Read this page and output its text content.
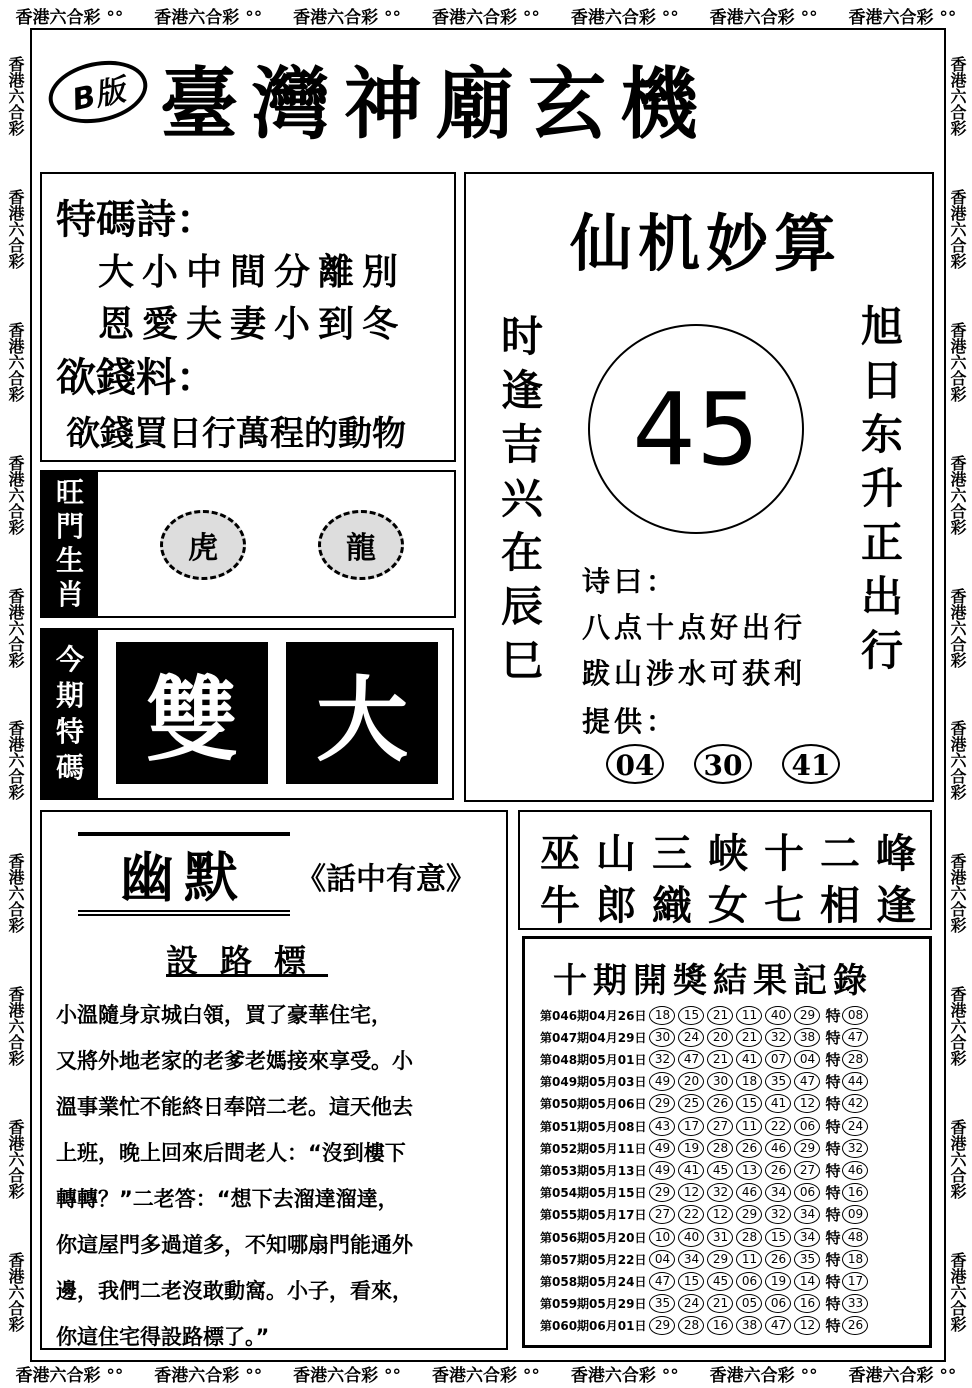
香港六合彩 °° 香港六合彩 °° 香港六合彩 °° 香港六合彩 °° 香港六合彩 °° 香港六合彩 °° 香港六合彩 °°
香港六合彩 °° 香港六合彩 °° 香港六合彩 °° 香港六合彩 °° 香港六合彩 °° 香港六合彩 °° 香港六合彩 °°
香港六合彩
香港六合彩
香港六合彩
香港六合彩
香港六合彩
香港六合彩
香港六合彩
香港六合彩
香港六合彩
香港六合彩
香港六合彩
香港六合彩
香港六合彩
香港六合彩
香港六合彩
香港六合彩
香港六合彩
香港六合彩
香港六合彩
香港六合彩
B版 臺灣神廟玄機
特碼詩：
大小中間分離別
恩愛夫妻小到冬
欲錢料：
欲錢買日行萬程的動物
旺
門
生
肖
虎	龍
今
期
特
碼 雙 大
仙机妙算
时逢吉兴在辰巳	旭日东升正出行
45
诗曰：
八点十点好出行
跋山涉水可获利
提供：
04	30	41
幽默	《話中有意》
設路標

小溫隨身京城白領，買了豪華住宅，

又將外地老家的老爹老媽接來享受。小

溫事業忙不能終日奉陪二老。這天他去

上班，晚上回來后問老人：“沒到樓下

轉轉？”二老答：“想下去溜達溜達，

你這屋門多過道多，不知哪扇門能通外

邊，我們二老沒敢動窩。小子，看來，

你這住宅得設路標了。”

巫山三峡十二峰
牛郎織女七相逢
十期開獎結果記錄
第046期04月26日 18	15	21	11	40	29 特 08
第047期04月29日 30	24	20	21	32	38 特 47
第048期05月01日 32	47	21	41	07	04 特 28
第049期05月03日 49	20	30	18	35	47 特 44
第050期05月06日 29	25	26	15	41	12 特 42
第051期05月08日 43	17	27	11	22	06 特 24
第052期05月11日 49	19	28	26	46	29 特 32
第053期05月13日 49	41	45	13	26	27 特 46
第054期05月15日 29	12	32	46	34	06 特 16
第055期05月17日 27	22	12	29	32	34 特 09
第056期05月20日 10	40	31	28	15	34 特 48
第057期05月22日 04	34	29	11	26	35 特 18
第058期05月24日 47	15	45	06	19	14 特 17
第059期05月29日 35	24	21	05	06	16 特 33
第060期06月01日 29	28	16	38	47	12 特 26
